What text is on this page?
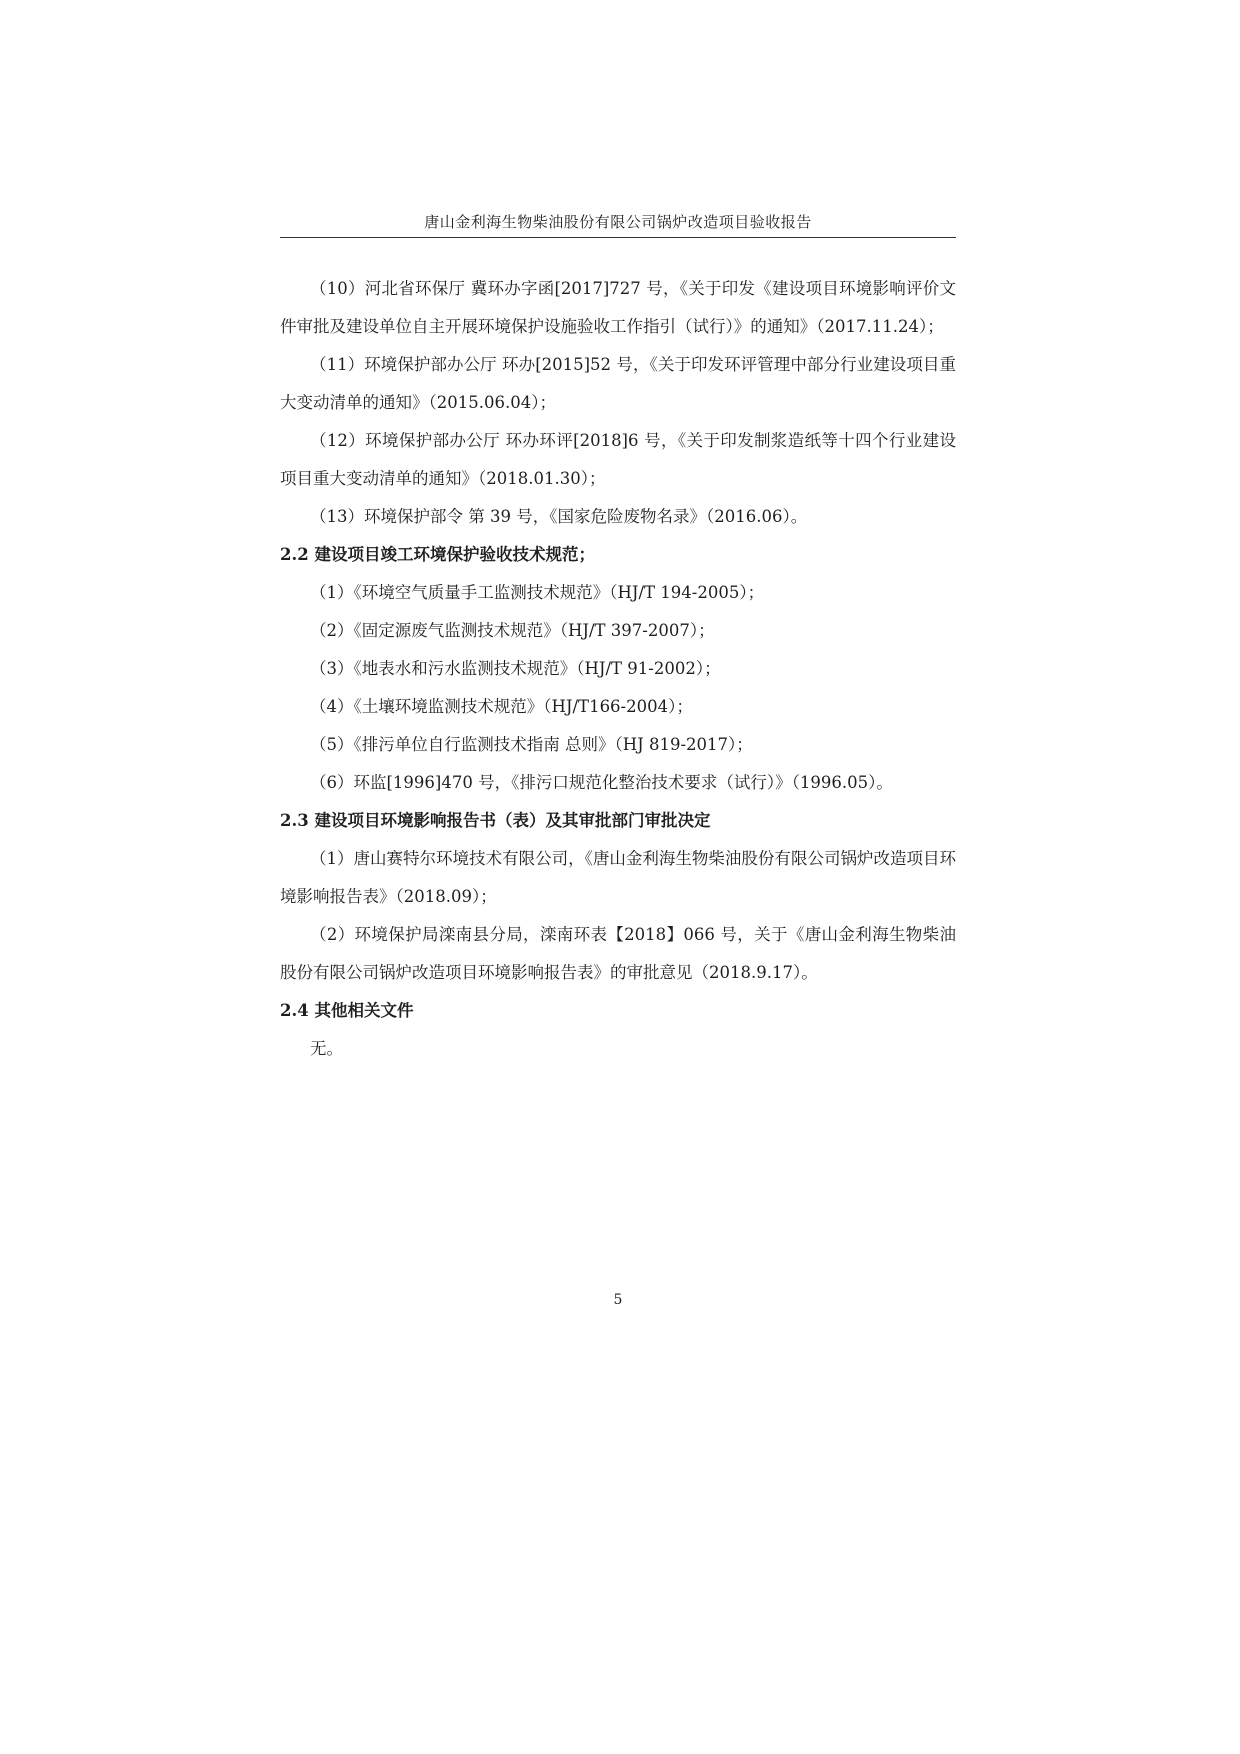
唐山金利海生物柴油股份有限公司锅炉改造项目验收报告

（10）河北省环保厅 冀环办字函[2017]727 号，《关于印发《建设项目环境影响评价文件审批及建设单位自主开展环境保护设施验收工作指引（试行）》的通知》（2017.11.24）；

（11）环境保护部办公厅 环办[2015]52 号，《关于印发环评管理中部分行业建设项目重大变动清单的通知》（2015.06.04）；

（12）环境保护部办公厅 环办环评[2018]6 号，《关于印发制浆造纸等十四个行业建设项目重大变动清单的通知》（2018.01.30）；

（13）环境保护部令 第 39 号，《国家危险废物名录》（2016.06）。

2.2 建设项目竣工环境保护验收技术规范；

（1）《环境空气质量手工监测技术规范》（HJ/T 194-2005）；

（2）《固定源废气监测技术规范》（HJ/T 397-2007）；

（3）《地表水和污水监测技术规范》（HJ/T 91-2002）；

（4）《土壤环境监测技术规范》（HJ/T166-2004）；

（5）《排污单位自行监测技术指南 总则》（HJ 819-2017）；

（6）环监[1996]470 号，《排污口规范化整治技术要求（试行）》（1996.05）。

2.3 建设项目环境影响报告书（表）及其审批部门审批决定

（1）唐山赛特尔环境技术有限公司，《唐山金利海生物柴油股份有限公司锅炉改造项目环境影响报告表》（2018.09）；

（2）环境保护局滦南县分局，滦南环表【2018】066 号，关于《唐山金利海生物柴油股份有限公司锅炉改造项目环境影响报告表》的审批意见（2018.9.17）。

2.4 其他相关文件

无。

5
